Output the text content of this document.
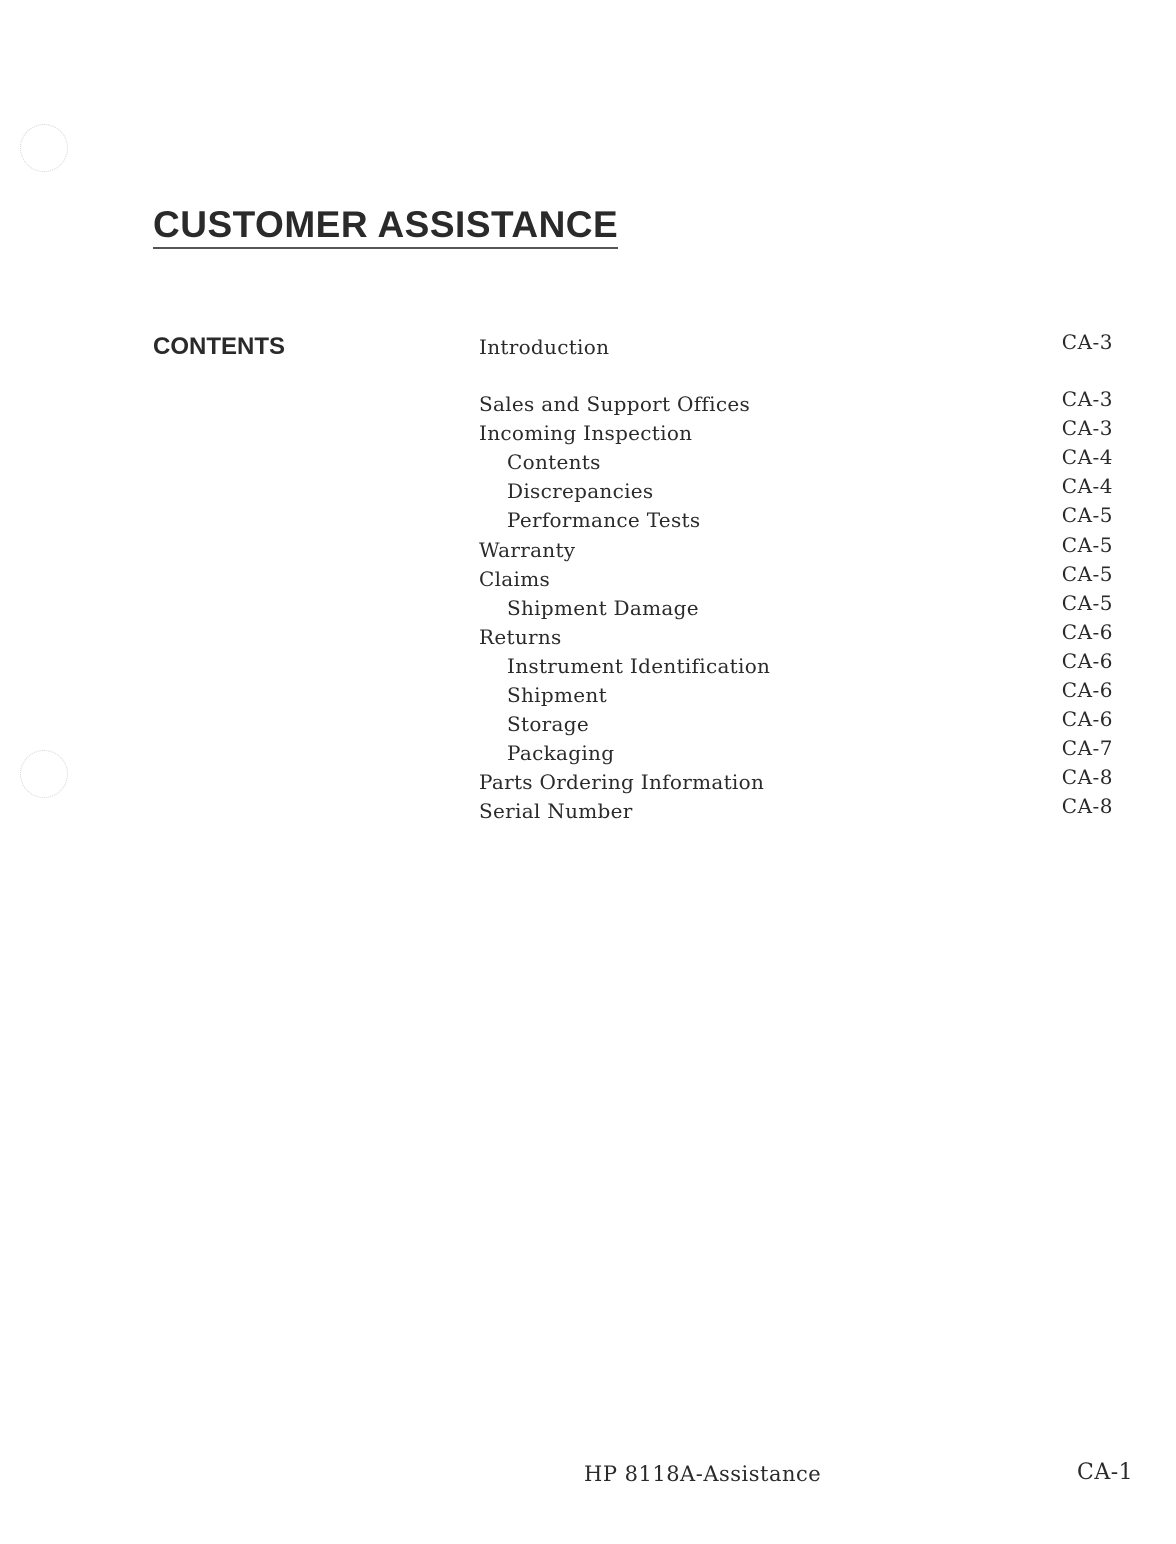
CUSTOMER ASSISTANCE
CONTENTS	Introduction	CA-3
Sales and Support Offices	CA-3
Incoming Inspection	CA-3
Contents	CA-4
Discrepancies	CA-4
Performance Tests	CA-5
Warranty	CA-5
Claims	CA-5
Shipment Damage	CA-5
Returns	CA-6
Instrument Identification	CA-6
Shipment	CA-6
Storage	CA-6
Packaging	CA-7
Parts Ordering Information	CA-8
Serial Number	CA-8
HP 8118A-Assistance	CA-1
